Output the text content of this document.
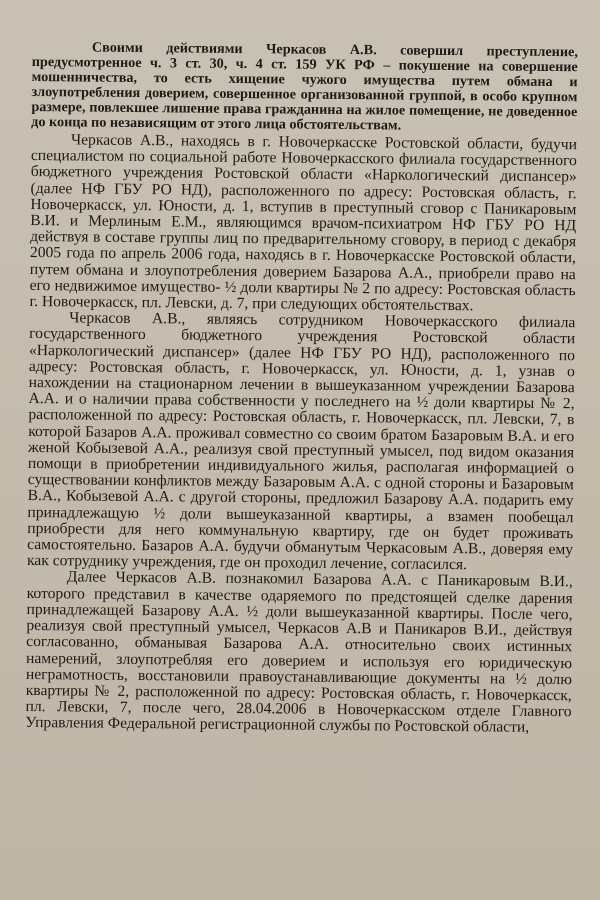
Своими действиями Черкасов А.В. совершил преступление, предусмотренное ч. 3 ст. 30, ч. 4 ст. 159 УК РФ – покушение на совершение мошенничества, то есть хищение чужого имущества путем обмана и злоупотребления доверием, совершенное организованной группой, в особо крупном размере, повлекшее лишение права гражданина на жилое помещение, не доведенное до конца по независящим от этого лица обстоятельствам.

Черкасов А.В., находясь в г. Новочеркасске Ростовской области, будучи специалистом по социальной работе Новочеркасского филиала государственного бюджетного учреждения Ростовской области «Наркологический диспансер» (далее НФ ГБУ РО НД), расположенного по адресу: Ростовская область, г. Новочеркасск, ул. Юности, д. 1, вступив в преступный сговор с Паникаровым В.И. и Мерлиным Е.М., являющимся врачом-психиатром НФ ГБУ РО НД действуя в составе группы лиц по предварительному сговору, в период с декабря 2005 года по апрель 2006 года, находясь в г. Новочеркасске Ростовской области, путем обмана и злоупотребления доверием Базарова А.А., приобрели право на его недвижимое имущество- ½ доли квартиры № 2 по адресу: Ростовская область г. Новочеркасск, пл. Левски, д. 7, при следующих обстоятельствах.

Черкасов А.В., являясь сотрудником Новочеркасского филиала государственного бюджетного учреждения Ростовской области «Наркологический диспансер» (далее НФ ГБУ РО НД), расположенного по адресу: Ростовская область, г. Новочеркасск, ул. Юности, д. 1, узнав о нахождении на стационарном лечении в вышеуказанном учреждении Базарова А.А. и о наличии права собственности у последнего на ½ доли квартиры № 2, расположенной по адресу: Ростовская область, г. Новочеркасск, пл. Левски, 7, в которой Базаров А.А. проживал совместно со своим братом Базаровым В.А. и его женой Кобызевой А.А., реализуя свой преступный умысел, под видом оказания помощи в приобретении индивидуального жилья, располагая информацией о существовании конфликтов между Базаровым А.А. с одной стороны и Базаровым В.А., Кобызевой А.А. с другой стороны, предложил Базарову А.А. подарить ему принадлежащую ½ доли вышеуказанной квартиры, а взамен пообещал приобрести для него коммунальную квартиру, где он будет проживать самостоятельно. Базаров А.А. будучи обманутым Черкасовым А.В., доверяя ему как сотруднику учреждения, где он проходил лечение, согласился.

Далее Черкасов А.В. познакомил Базарова А.А. с Паникаровым В.И., которого представил в качестве одаряемого по предстоящей сделке дарения принадлежащей Базарову А.А. ½ доли вышеуказанной квартиры. После чего, реализуя свой преступный умысел, Черкасов А.В и Паникаров В.И., действуя согласованно, обманывая Базарова А.А. относительно своих истинных намерений, злоупотребляя его доверием и используя его юридическую неграмотность, восстановили правоустанавливающие документы на ½ долю квартиры № 2, расположенной по адресу: Ростовская область, г. Новочеркасск, пл. Левски, 7, после чего, 28.04.2006 в Новочеркасском отделе Главного Управления Федеральной регистрационной службы по Ростовской области,
